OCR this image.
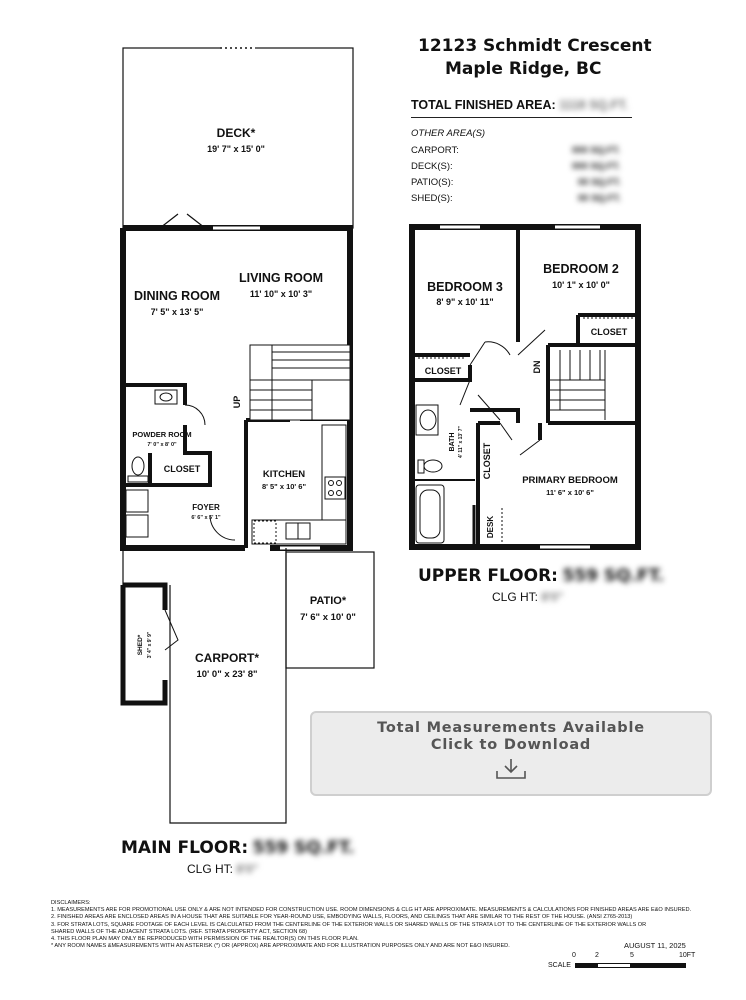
12123 Schmidt Crescent
Maple Ridge, BC
TOTAL FINISHED AREA: 1118 SQ.FT.
OTHER AREA(S)
CARPORT:	000 SQ.FT.
DECK(S):	000 SQ.FT.
PATIO(S):	00 SQ.FT.
SHED(S):	00 SQ.FT.
DECK*
19' 7" x 15' 0"
DINING ROOM
7' 5" x 13' 5"
LIVING ROOM
11' 10" x 10' 3"
POWDER ROOM
7' 0" x 8' 0"
CLOSET	KITCHEN
8' 5" x 10' 6"
FOYER
6' 6" x 5' 1"
PATIO*
7' 6" x 10' 0"
CARPORT*
10' 0" x 23' 8"
SHED* 3' 4" x 9' 9"
UP
BEDROOM 3
8' 9" x 10' 11"
BEDROOM 2
10' 1" x 10' 0"
CLOSET
CLOSET
CLOSET
BATH 4' 11" x 13' 7"
PRIMARY BEDROOM
11' 6" x 10' 6"
DESK
DN
UPPER FLOOR: 559 SQ.FT.
CLG HT: 8'0"
MAIN FLOOR: 559 SQ.FT.
CLG HT: 8'0"
Total Measurements Available
Click to Download
DISCLAIMERS:
1. MEASUREMENTS ARE FOR PROMOTIONAL USE ONLY & ARE NOT INTENDED FOR CONSTRUCTION USE. ROOM DIMENSIONS & CLG HT ARE APPROXIMATE. MEASUREMENTS & CALCULATIONS FOR FINISHED AREAS ARE E&O INSURED.
2. FINISHED AREAS ARE ENCLOSED AREAS IN A HOUSE THAT ARE SUITABLE FOR YEAR-ROUND USE, EMBODYING WALLS, FLOORS, AND CEILINGS THAT ARE SIMILAR TO THE REST OF THE HOUSE. (ANSI Z765-2013)
3. FOR STRATA LOTS, SQUARE FOOTAGE OF EACH LEVEL IS CALCULATED FROM THE CENTERLINE OF THE EXTERIOR WALLS OR SHARED WALLS OF THE STRATA LOT TO THE CENTERLINE OF THE EXTERIOR WALLS OR
SHARED WALLS OF THE ADJACENT STRATA LOTS. (REF. STRATA PROPERTY ACT, SECTION 68)
4. THIS FLOOR PLAN MAY ONLY BE REPRODUCED WITH PERMISSION OF THE REALTOR(S) ON THIS FLOOR PLAN.
* ANY ROOM NAMES &MEASUREMENTS WITH AN ASTERISK (*) OR (APPROX) ARE APPROXIMATE AND FOR ILLUSTRATION PURPOSES ONLY AND ARE NOT E&O INSURED.	AUGUST 11, 2025
0	2	5	10FT
SCALE
